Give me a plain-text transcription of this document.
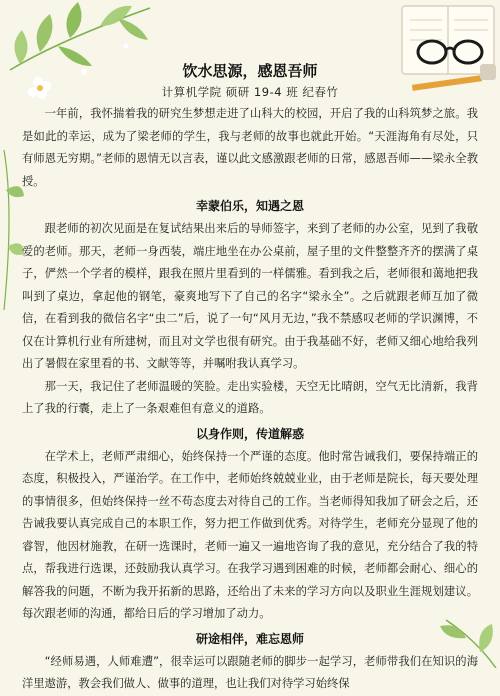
饮水思源，感恩吾师
计算机学院 硕研 19-4 班 纪春竹

一年前，我怀揣着我的研究生梦想走进了山科大的校园，开启了我的山科筑梦之旅。我是如此的幸运，成为了梁老师的学生，我与老师的故事也就此开始。“天涯海角有尽处，只有师恩无穷期。”老师的恩情无以言表，谨以此文感激跟老师的日常，感恩吾师——梁永全教授。

幸蒙伯乐，知遇之恩

跟老师的初次见面是在复试结果出来后的导师签字，来到了老师的办公室，见到了我敬爱的老师。那天，老师一身西装，端庄地坐在办公桌前，屋子里的文件整整齐齐的摆满了桌子，俨然一个学者的模样，跟我在照片里看到的一样儒雅。看到我之后，老师很和蔼地把我叫到了桌边，拿起他的钢笔，豪爽地写下了自己的名字“梁永全”。之后就跟老师互加了微信，在看到我的微信名字“虫二”后，说了一句“风月无边，”我不禁感叹老师的学识渊博，不仅在计算机行业有所建树，而且对文学也很有研究。由于我基础不好，老师又细心地给我列出了暑假在家里看的书、文献等等，并嘱咐我认真学习。

那一天，我记住了老师温暖的笑脸。走出实验楼，天空无比晴朗，空气无比清新，我背上了我的行囊，走上了一条艰难但有意义的道路。

以身作则，传道解惑

在学术上，老师严肃细心，始终保持一个严谨的态度。他时常告诫我们，要保持端正的态度，积极投入，严谨治学。在工作中，老师始终兢兢业业，由于老师是院长，每天要处理的事情很多，但始终保持一丝不苟态度去对待自己的工作。当老师得知我加了研会之后，还告诫我要认真完成自己的本职工作，努力把工作做到优秀。对待学生，老师充分显现了他的睿智，他因材施教，在研一选课时，老师一遍又一遍地咨询了我的意见，充分结合了我的特点，帮我进行选课，还鼓励我认真学习。在我学习遇到困难的时候，老师都会耐心、细心的解答我的问题，不断为我开拓新的思路，还给出了未来的学习方向以及职业生涯规划建议。每次跟老师的沟通，都给日后的学习增加了动力。

研途相伴，难忘恩师

“经师易遇，人师难遭”，很幸运可以跟随老师的脚步一起学习，老师带我们在知识的海洋里遨游，教会我们做人、做事的道理，也让我们对待学习始终保
